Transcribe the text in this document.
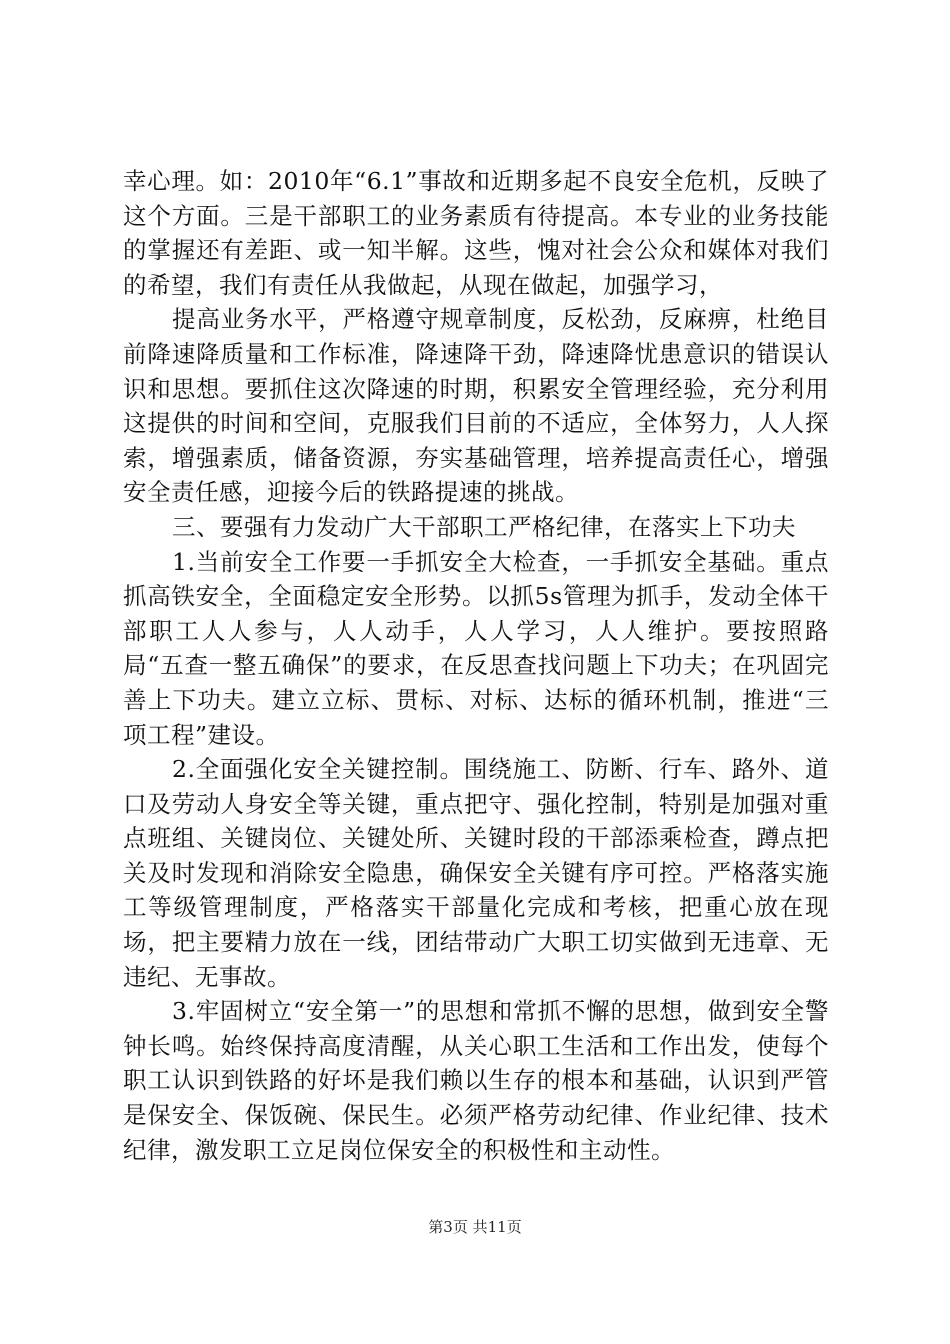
幸心理。如：2010年“6.1”事故和近期多起不良安全危机，反映了这个方面。三是干部职工的业务素质有待提高。本专业的业务技能的掌握还有差距、或一知半解。这些，愧对社会公众和媒体对我们的希望，我们有责任从我做起，从现在做起，加强学习，

提高业务水平，严格遵守规章制度，反松劲，反麻痹，杜绝目前降速降质量和工作标准，降速降干劲，降速降忧患意识的错误认识和思想。要抓住这次降速的时期，积累安全管理经验，充分利用这提供的时间和空间，克服我们目前的不适应，全体努力，人人探索，增强素质，储备资源，夯实基础管理，培养提高责任心，增强安全责任感，迎接今后的铁路提速的挑战。

三、要强有力发动广大干部职工严格纪律，在落实上下功夫

1.当前安全工作要一手抓安全大检查，一手抓安全基础。重点抓高铁安全，全面稳定安全形势。以抓5s管理为抓手，发动全体干部职工人人参与，人人动手，人人学习，人人维护。要按照路局“五查一整五确保”的要求，在反思查找问题上下功夫；在巩固完善上下功夫。建立立标、贯标、对标、达标的循环机制，推进“三项工程”建设。

2.全面强化安全关键控制。围绕施工、防断、行车、路外、道口及劳动人身安全等关键，重点把守、强化控制，特别是加强对重点班组、关键岗位、关键处所、关键时段的干部添乘检查，蹲点把关及时发现和消除安全隐患，确保安全关键有序可控。严格落实施工等级管理制度，严格落实干部量化完成和考核，把重心放在现场，把主要精力放在一线，团结带动广大职工切实做到无违章、无违纪、无事故。

3.牢固树立“安全第一”的思想和常抓不懈的思想，做到安全警钟长鸣。始终保持高度清醒，从关心职工生活和工作出发，使每个职工认识到铁路的好坏是我们赖以生存的根本和基础，认识到严管是保安全、保饭碗、保民生。必须严格劳动纪律、作业纪律、技术纪律，激发职工立足岗位保安全的积极性和主动性。

第3页 共11页
